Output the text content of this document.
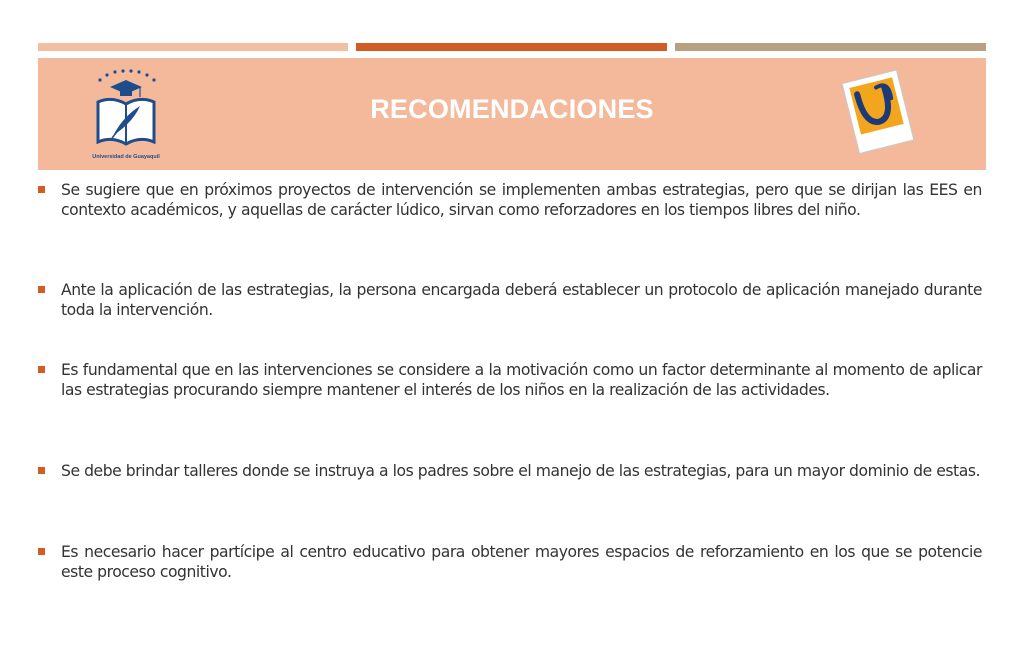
Universidad de Guayaquil
RECOMENDACIONES
Se sugiere que en próximos proyectos de intervención se implementen ambas estrategias, pero que se dirijan las EES en contexto académicos, y aquellas de carácter lúdico, sirvan como reforzadores en los tiempos libres del niño.
Ante la aplicación de las estrategias, la persona encargada deberá establecer un protocolo de aplicación manejado durante toda la intervención.
Es fundamental que en las intervenciones se considere a la motivación como un factor determinante al momento de aplicar las estrategias procurando siempre mantener el interés de los niños en la realización de las actividades.
Se debe brindar talleres donde se instruya a los padres sobre el manejo de las estrategias, para un mayor dominio de estas.
Es necesario hacer partícipe al centro educativo para obtener mayores espacios de reforzamiento en los que se potencie este proceso cognitivo.
